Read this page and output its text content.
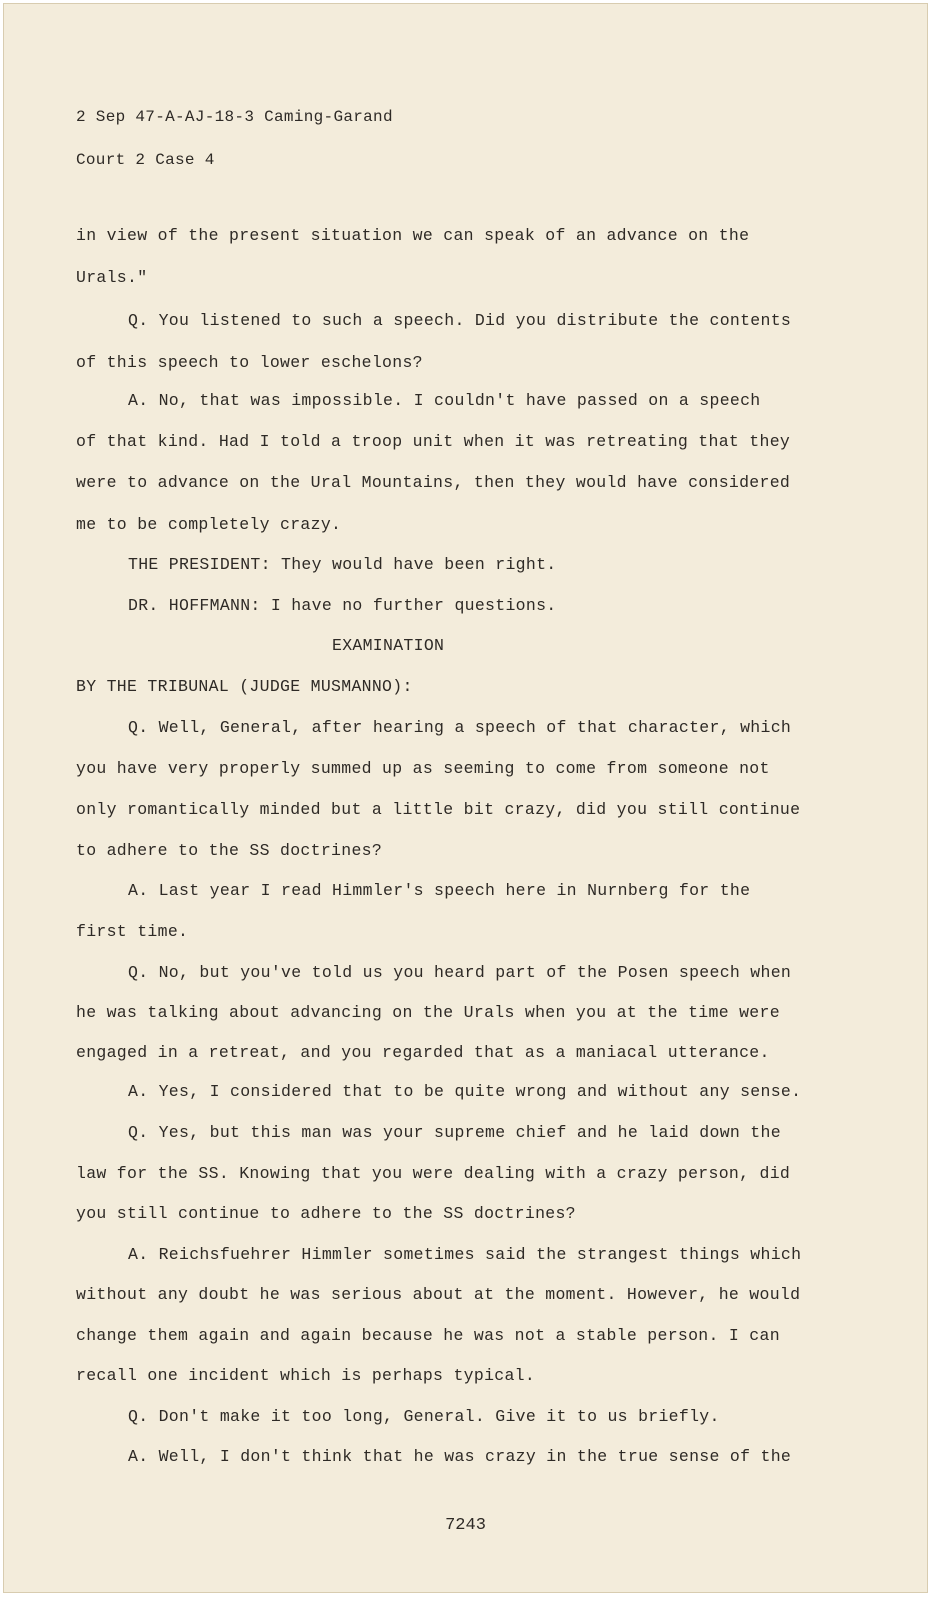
2 Sep 47-A-AJ-18-3 Caming-Garand
Court 2 Case 4
in view of the present situation we can speak of an advance on the
Urals."
Q. You listened to such a speech. Did you distribute the contents
of this speech to lower eschelons?
A. No, that was impossible. I couldn't have passed on a speech
of that kind. Had I told a troop unit when it was retreating that they
were to advance on the Ural Mountains, then they would have considered
me to be completely crazy.
THE PRESIDENT: They would have been right.
DR. HOFFMANN: I have no further questions.
EXAMINATION
BY THE TRIBUNAL (JUDGE MUSMANNO):
Q. Well, General, after hearing a speech of that character, which
you have very properly summed up as seeming to come from someone not
only romantically minded but a little bit crazy, did you still continue
to adhere to the SS doctrines?
A. Last year I read Himmler's speech here in Nurnberg for the
first time.
Q. No, but you've told us you heard part of the Posen speech when
he was talking about advancing on the Urals when you at the time were
engaged in a retreat, and you regarded that as a maniacal utterance.
A. Yes, I considered that to be quite wrong and without any sense.
Q. Yes, but this man was your supreme chief and he laid down the
law for the SS. Knowing that you were dealing with a crazy person, did
you still continue to adhere to the SS doctrines?
A. Reichsfuehrer Himmler sometimes said the strangest things which
without any doubt he was serious about at the moment. However, he would
change them again and again because he was not a stable person. I can
recall one incident which is perhaps typical.
Q. Don't make it too long, General. Give it to us briefly.
A. Well, I don't think that he was crazy in the true sense of the
7243
